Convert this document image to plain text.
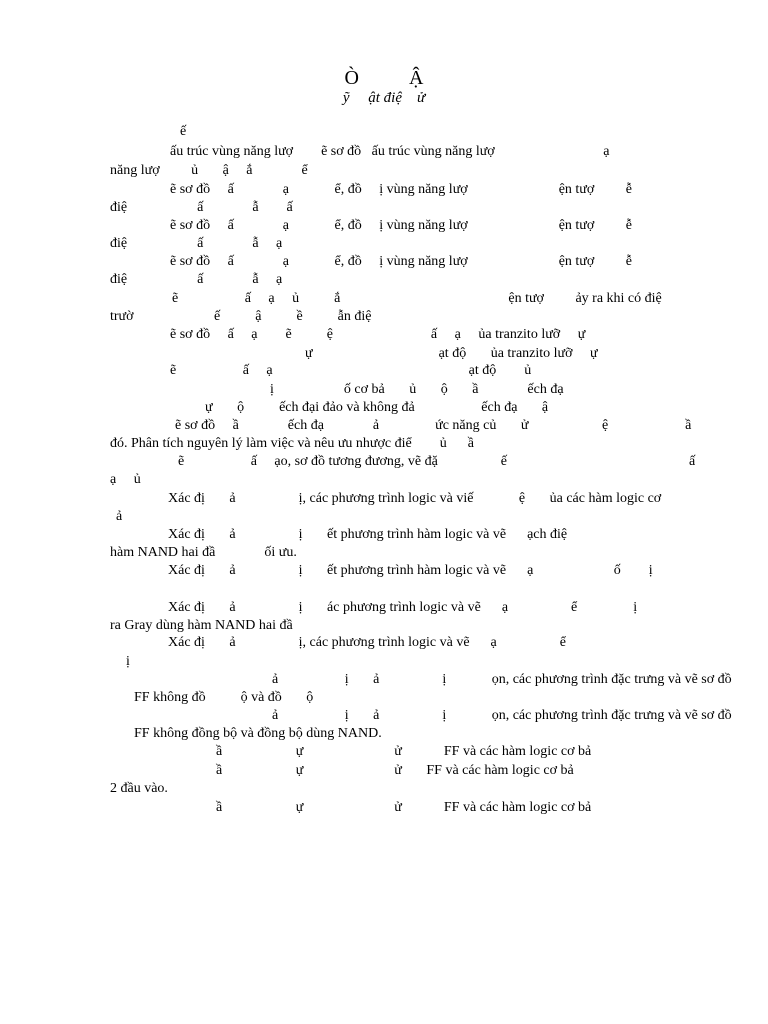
Ò          Ậ
ỹ     ật điệ    ử
ế
ấu trúc vùng năng lượ        ẽ sơ đồ   ấu trúc vùng năng lượ                               ạ
năng lượ         ủ       ậ     ắ              ể
ẽ sơ đồ     ấ              ạ             ể, đồ     ị vùng năng lượ                          ện tượ         ễ
điệ                    ấ              ẫ        ấ
ẽ sơ đồ     ấ              ạ             ể, đồ     ị vùng năng lượ                          ện tượ         ễ
điệ                    ấ              ẫ     ạ
ẽ sơ đồ     ấ              ạ             ể, đồ     ị vùng năng lượ                          ện tượ         ễ
điệ                    ấ              ẫ     ạ
ẽ                   ấ     ạ     ủ          ắ                                                ện tượ         ảy ra khi có điệ
trườ                       ế          ậ          ề          ẫn điệ
ẽ sơ đồ     ấ     ạ        ẽ          ệ                            ấ     ạ     ủa tranzito lưỡ     ự
ự                                    ạt độ       ủa tranzito lưỡ     ự
ẽ                   ấ     ạ                                                        ạt độ        ủ
ị                    ố cơ bả       ủ       ộ       ầ              ếch đạ
ự       ộ          ếch đại đảo và không đả                   ếch đạ       ậ
ẽ sơ đồ     ầ              ếch đạ              ả                ức năng củ       ử                     ệ                      ầ
đó. Phân tích nguyên lý làm việc và nêu ưu nhược điể        ủ      ầ
ẽ                   ấ     ạo, sơ đồ tương đương, vẽ đặ                  ế                                                    ấ
ạ     ủ
Xác đị       ả                  ị, các phương trình logic và viế             ệ       ủa các hàm logic cơ
ả
Xác đị       ả                  ị       ết phương trình hàm logic và vẽ      ạch điệ
hàm NAND hai đầ              ối ưu.
Xác đị       ả                  ị       ết phương trình hàm logic và vẽ      ạ                       ố        ị
Xác đị       ả                  ị       ác phương trình logic và vẽ      ạ                  ể                ị
ra Gray dùng hàm NAND hai đầ
Xác đị       ả                  ị, các phương trình logic và vẽ      ạ                  ể
ị
ả                   ị       ả                  ị             ọn, các phương trình đặc trưng và vẽ sơ đồ
FF không đồ          ộ và đồ       ộ
ả                   ị       ả                  ị             ọn, các phương trình đặc trưng và vẽ sơ đồ
FF không đồng bộ và đồng bộ dùng NAND.
ầ                     ự                          ử            FF và các hàm logic cơ bả
ầ                     ự                          ử       FF và các hàm logic cơ bả
2 đầu vào.
ầ                     ự                          ử            FF và các hàm logic cơ bả
